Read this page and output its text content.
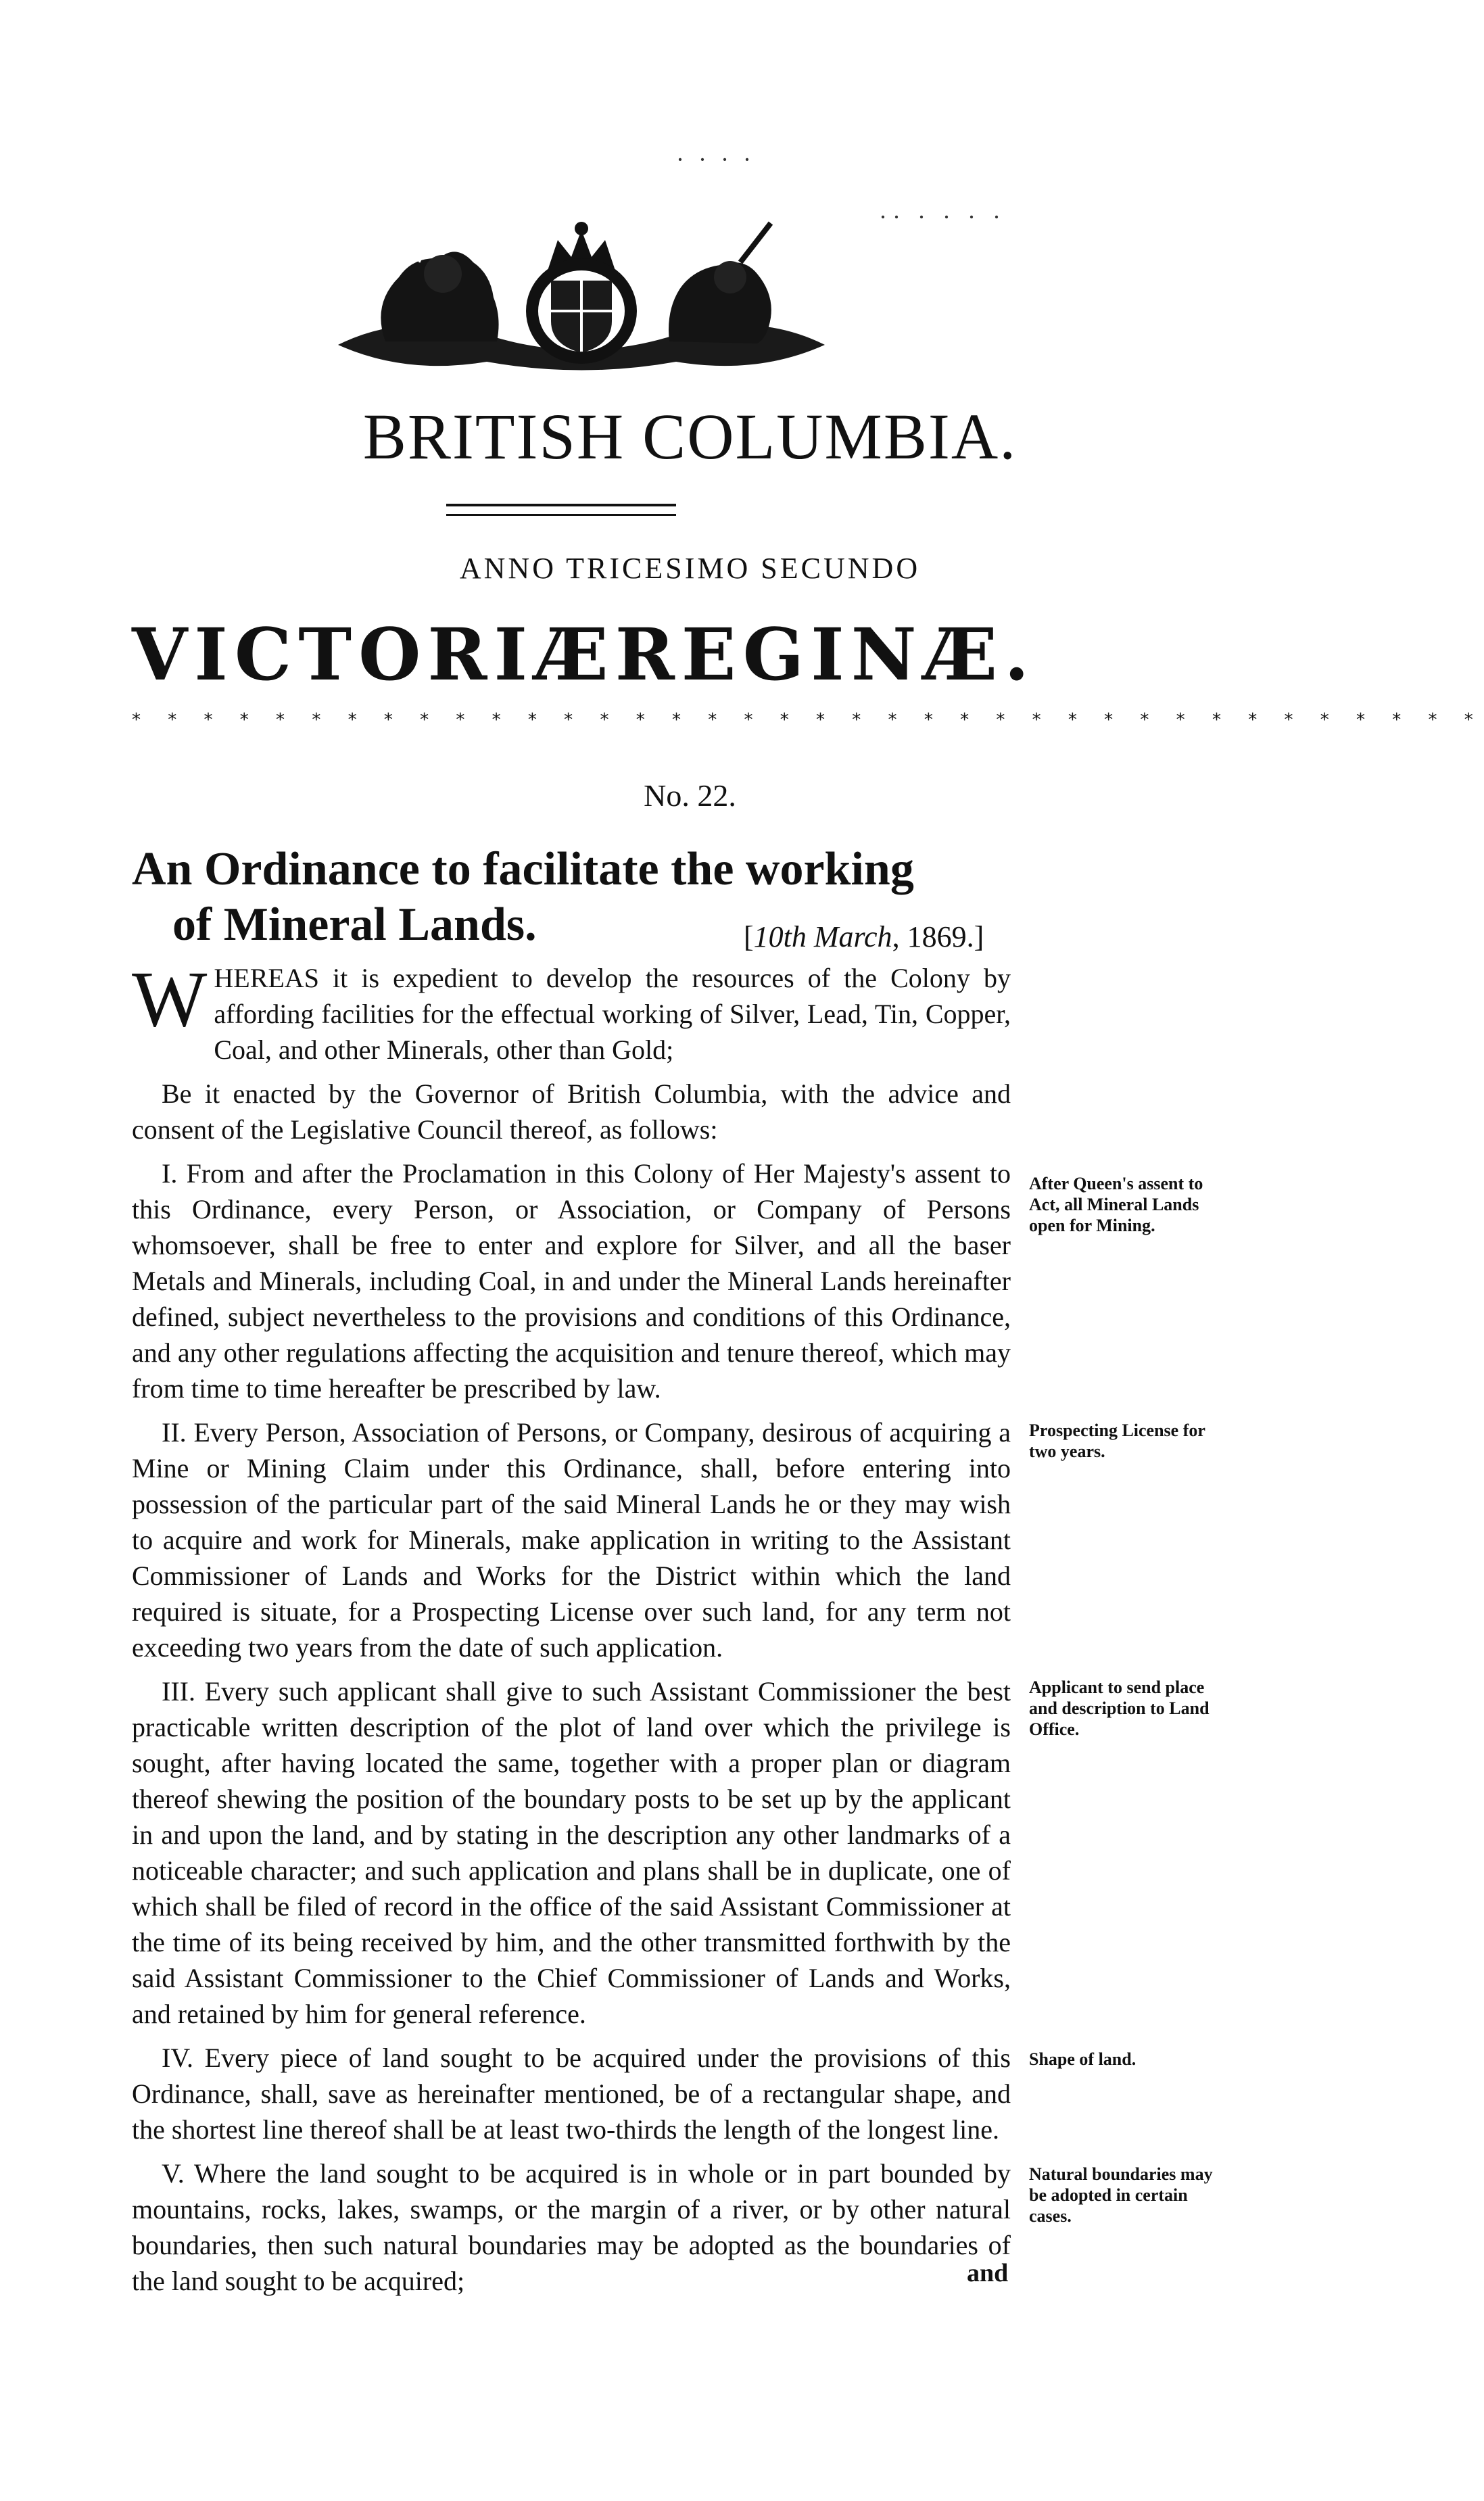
· · · ·
·· · · · ·
BRITISH COLUMBIA.
ANNO TRICESIMO SECUNDO
VICTORIÆ REGINÆ.
* * * * * * * * * * * * * * * * * * * * * * * * * * * * * * * * * * * * * *
No. 22.
An Ordinance to facilitate the working
of Mineral Lands.	[10th March, 1869.]

WHEREAS it is expedient to develop the resources of the Colony by affording facilities for the effectual working of Silver, Lead, Tin, Copper, Coal, and other Minerals, other than Gold;

Be it enacted by the Governor of British Columbia, with the advice and consent of the Legislative Council thereof, as follows:

I. From and after the Proclamation in this Colony of Her Majesty's assent to this Ordinance, every Person, or Association, or Company of Persons whomsoever, shall be free to enter and explore for Silver, and all the baser Metals and Minerals, including Coal, in and under the Mineral Lands hereinafter defined, subject nevertheless to the provisions and conditions of this Ordinance, and any other regulations affecting the acquisition and tenure thereof, which may from time to time hereafter be prescribed by law.

II. Every Person, Association of Persons, or Company, desirous of acquiring a Mine or Mining Claim under this Ordinance, shall, before entering into possession of the particular part of the said Mineral Lands he or they may wish to acquire and work for Minerals, make application in writing to the Assistant Commissioner of Lands and Works for the District within which the land required is situate, for a Prospecting License over such land, for any term not exceeding two years from the date of such application.

III. Every such applicant shall give to such Assistant Commissioner the best practicable written description of the plot of land over which the privilege is sought, after having located the same, together with a proper plan or diagram thereof shewing the position of the boundary posts to be set up by the applicant in and upon the land, and by stating in the description any other landmarks of a noticeable character; and such application and plans shall be in duplicate, one of which shall be filed of record in the office of the said Assistant Commissioner at the time of its being received by him, and the other transmitted forthwith by the said Assistant Commissioner to the Chief Commissioner of Lands and Works, and retained by him for general reference.

IV. Every piece of land sought to be acquired under the provisions of this Ordinance, shall, save as hereinafter mentioned, be of a rectangular shape, and the shortest line thereof shall be at least two-thirds the length of the longest line.

V. Where the land sought to be acquired is in whole or in part bounded by mountains, rocks, lakes, swamps, or the margin of a river, or by other natural boundaries, then such natural boundaries may be adopted as the boundaries of the land sought to be acquired;

After Queen's assent to Act, all Mineral Lands open for Mining.
Prospecting License for two years.
Applicant to send place and description to Land Office.
Shape of land.
Natural boundaries may be adopted in certain cases.
and
